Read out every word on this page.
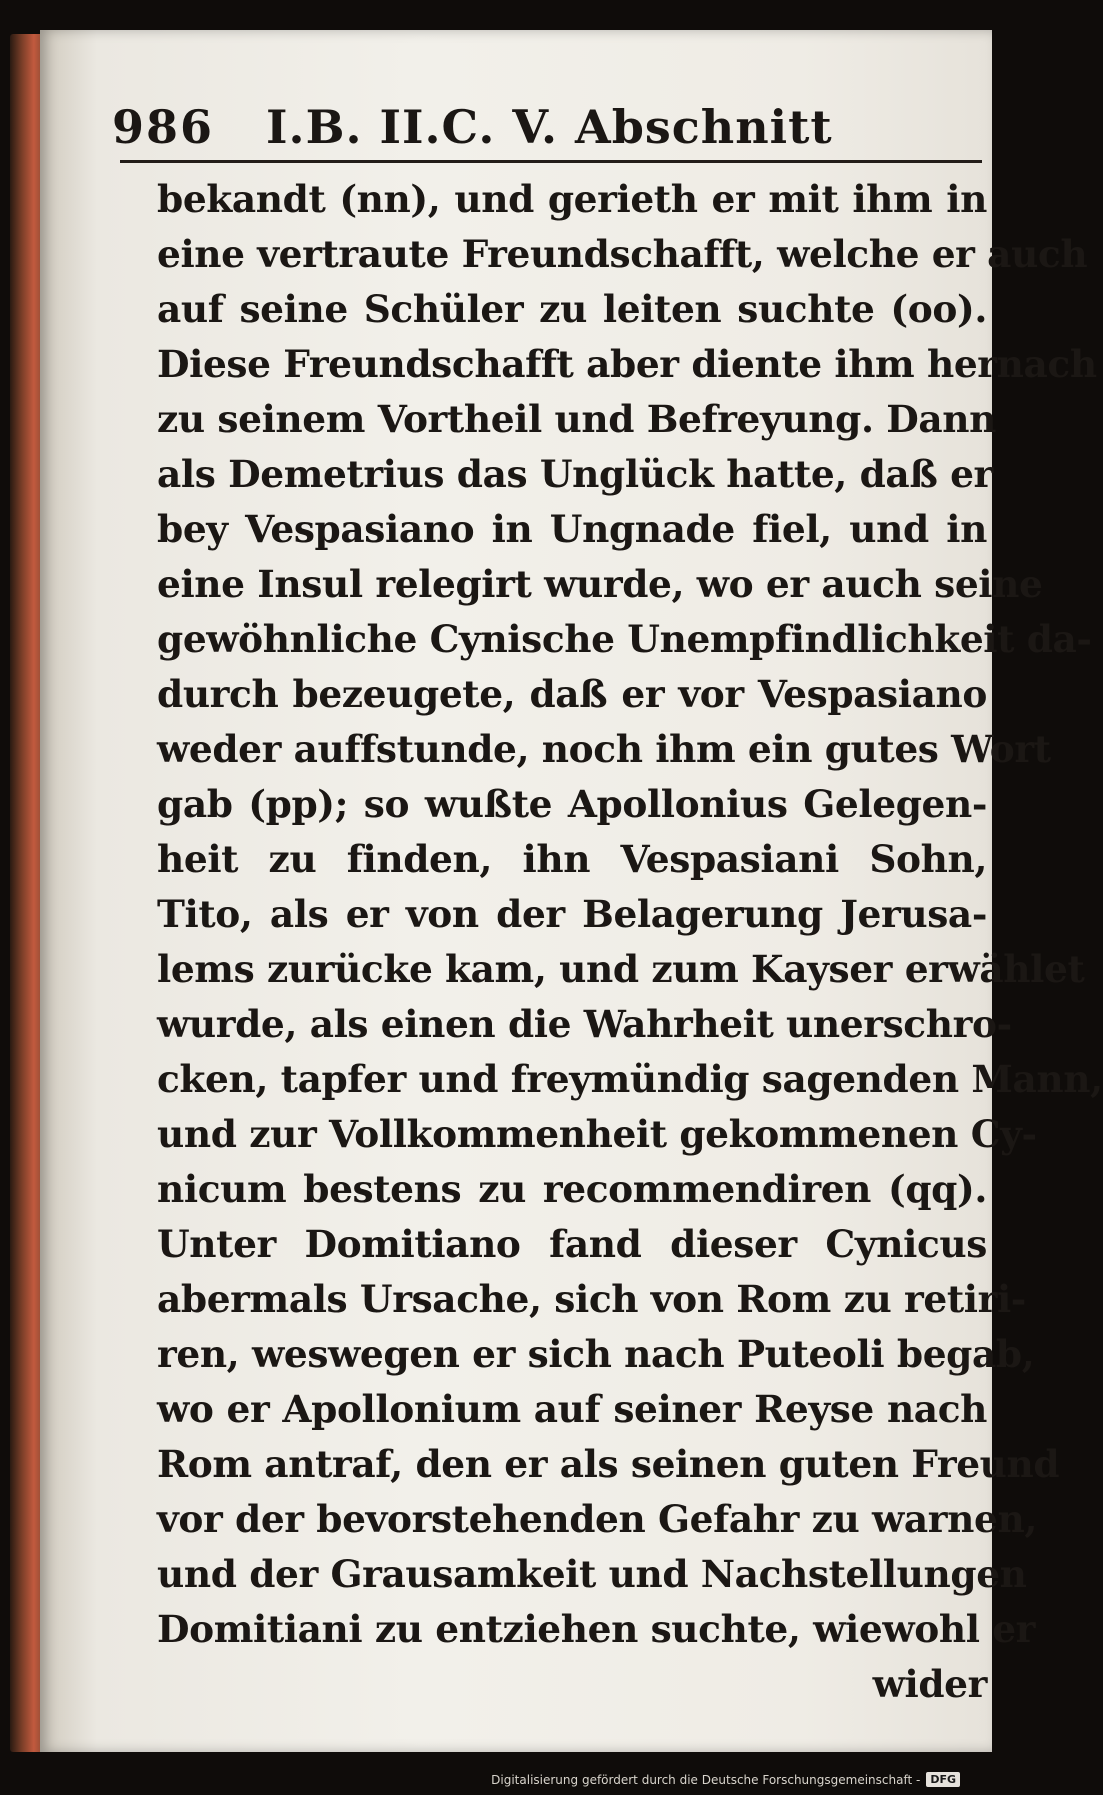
986 I.B. II.C. V. Abschnitt
bekandt (nn), und gerieth er mit ihm in
eine vertraute Freundschafft, welche er auch
auf seine Schüler zu leiten suchte (oo).
Diese Freundschafft aber diente ihm hernach
zu seinem Vortheil und Befreyung. Dann
als Demetrius das Unglück hatte, daß er
bey Vespasiano in Ungnade fiel, und in
eine Insul relegirt wurde, wo er auch seine
gewöhnliche Cynische Unempfindlichkeit da-
durch bezeugete, daß er vor Vespasiano
weder auffstunde, noch ihm ein gutes Wort
gab (pp); so wußte Apollonius Gelegen-
heit zu finden, ihn Vespasiani Sohn,
Tito, als er von der Belagerung Jerusa-
lems zurücke kam, und zum Kayser erwählet
wurde, als einen die Wahrheit unerschro-
cken, tapfer und freymündig sagenden Mann,
und zur Vollkommenheit gekommenen Cy-
nicum bestens zu recommendiren (qq).
Unter Domitiano fand dieser Cynicus
abermals Ursache, sich von Rom zu retiri-
ren, weswegen er sich nach Puteoli begab,
wo er Apollonium auf seiner Reyse nach
Rom antraf, den er als seinen guten Freund
vor der bevorstehenden Gefahr zu warnen,
und der Grausamkeit und Nachstellungen
Domitiani zu entziehen suchte, wiewohl er
wider
Digitalisierung gefördert durch die Deutsche Forschungsgemeinschaft - DFG
